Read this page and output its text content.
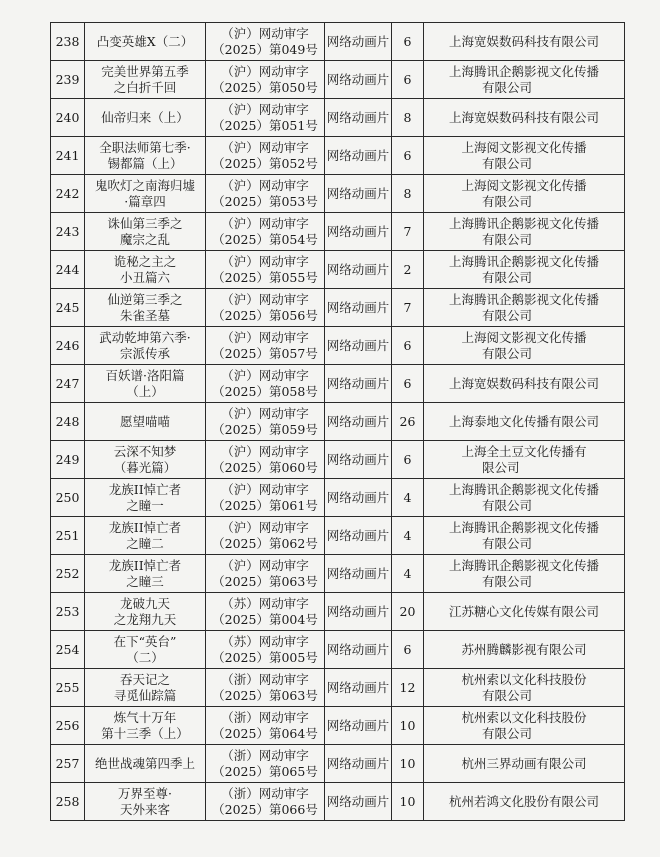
238	凸变英雄X（二）	（沪）网动审字
（2025）第049号	网络动画片	6	上海宽娱数码科技有限公司

239	完美世界第五季
之白折千回	（沪）网动审字
（2025）第050号	网络动画片	6	上海腾讯企鹅影视文化传播
有限公司

240	仙帝归来（上）	（沪）网动审字
（2025）第051号	网络动画片	8	上海宽娱数码科技有限公司

241	全职法师第七季·
锡都篇（上）	（沪）网动审字
（2025）第052号	网络动画片	6	上海阅文影视文化传播
有限公司

242	鬼吹灯之南海归墟
·篇章四	（沪）网动审字
（2025）第053号	网络动画片	8	上海阅文影视文化传播
有限公司

243	诛仙第三季之
魔宗之乱	（沪）网动审字
（2025）第054号	网络动画片	7	上海腾讯企鹅影视文化传播
有限公司

244	诡秘之主之
小丑篇六	（沪）网动审字
（2025）第055号	网络动画片	2	上海腾讯企鹅影视文化传播
有限公司

245	仙逆第三季之
朱雀圣墓	（沪）网动审字
（2025）第056号	网络动画片	7	上海腾讯企鹅影视文化传播
有限公司

246	武动乾坤第六季·
宗派传承	（沪）网动审字
（2025）第057号	网络动画片	6	上海阅文影视文化传播
有限公司

247	百妖谱·洛阳篇
（上）	（沪）网动审字
（2025）第058号	网络动画片	6	上海宽娱数码科技有限公司

248	愿望喵喵	（沪）网动审字
（2025）第059号	网络动画片	26	上海泰地文化传播有限公司

249	云深不知梦
（暮光篇）	（沪）网动审字
（2025）第060号	网络动画片	6	上海全土豆文化传播有
限公司

250	龙族II悼亡者
之瞳一	（沪）网动审字
（2025）第061号	网络动画片	4	上海腾讯企鹅影视文化传播
有限公司

251	龙族II悼亡者
之瞳二	（沪）网动审字
（2025）第062号	网络动画片	4	上海腾讯企鹅影视文化传播
有限公司

252	龙族II悼亡者
之瞳三	（沪）网动审字
（2025）第063号	网络动画片	4	上海腾讯企鹅影视文化传播
有限公司

253	龙破九天
之龙翔九天	（苏）网动审字
（2025）第004号	网络动画片	20	江苏糖心文化传媒有限公司

254	在下“英台”
（二）	（苏）网动审字
（2025）第005号	网络动画片	6	苏州腾麟影视有限公司

255	吞天记之
寻觅仙踪篇	（浙）网动审字
（2025）第063号	网络动画片	12	杭州索以文化科技股份
有限公司

256	炼气十万年
第十三季（上）	（浙）网动审字
（2025）第064号	网络动画片	10	杭州索以文化科技股份
有限公司

257	绝世战魂第四季上	（浙）网动审字
（2025）第065号	网络动画片	10	杭州三界动画有限公司

258	万界至尊·
天外来客	（浙）网动审字
（2025）第066号	网络动画片	10	杭州若鸿文化股份有限公司
